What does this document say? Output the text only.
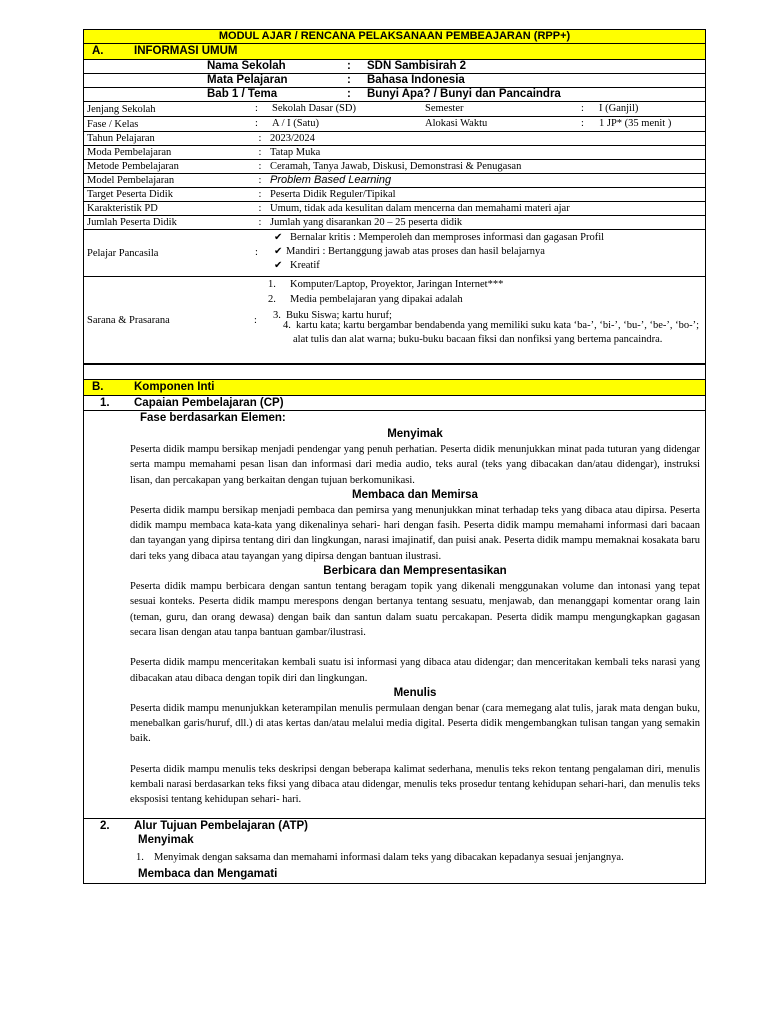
MODUL AJAR / RENCANA PELAKSANAAN PEMBEAJARAN (RPP+)
A.	INFORMASI UMUM
Nama Sekolah	: SDN Sambisirah 2
Mata Pelajaran	: Bahasa Indonesia
Bab 1 / Tema	: Bunyi Apa? / Bunyi dan Pancaindra
Jenjang Sekolah	: Sekolah Dasar (SD) Semester : I (Ganjil)

Fase / Kelas	: A / I (Satu) Alokasi Waktu : 1 JP* (35 menit )

Tahun Pelajaran	: 2023/2024
Moda Pembelajaran	: Tatap Muka
Metode Pembelajaran	: Ceramah, Tanya Jawab, Diskusi, Demonstrasi & Penugasan
Model Pembelajaran	: Problem Based Learning
Target Peserta Didik	: Peserta Didik Reguler/Tipikal
Karakteristik PD	: Umum, tidak ada kesulitan dalam mencerna dan memahami materi ajar
Jumlah Peserta Didik	: Jumlah yang disarankan 20 – 25 peserta didik
Pelajar Pancasila	:
✔ Bernalar kritis : Memperoleh dan memproses informasi dan gagasan Profil
✔ Mandiri : Bertanggung jawab atas proses dan hasil belajarnya
✔ Kreatif

Sarana & Prasarana	:
1. Komputer/Laptop, Proyektor, Jaringan Internet***
2. Media pembelajaran yang dipakai adalah
3. Buku Siswa; kartu huruf;
4. kartu kata; kartu bergambar bendabenda yang memiliki suku kata ‘ba-’, ‘bi-’, ‘bu-’, ‘be-’, ‘bo-’; alat tulis dan alat warna; buku-buku bacaan fiksi dan nonfiksi yang bertema pancaindra.
B.	Komponen Inti
1. Capaian Pembelajaran (CP)
Fase berdasarkan Elemen:
Menyimak

Peserta didik mampu bersikap menjadi pendengar yang penuh perhatian. Peserta didik menunjukkan minat pada tuturan yang didengar serta mampu memahami pesan lisan dan informasi dari media audio, teks aural (teks yang dibacakan dan/atau didengar), instruksi lisan, dan percakapan yang berkaitan dengan tujuan berkomunikasi.

Membaca dan Memirsa

Peserta didik mampu bersikap menjadi pembaca dan pemirsa yang menunjukkan minat terhadap teks yang dibaca atau dipirsa. Peserta didik mampu membaca kata-kata yang dikenalinya sehari- hari dengan fasih. Peserta didik mampu memahami informasi dari bacaan dan tayangan yang dipirsa tentang diri dan lingkungan, narasi imajinatif, dan puisi anak. Peserta didik mampu memaknai kosakata baru dari teks yang dibaca atau tayangan yang dipirsa dengan bantuan ilustrasi.

Berbicara dan Mempresentasikan

Peserta didik mampu berbicara dengan santun tentang beragam topik yang dikenali menggunakan volume dan intonasi yang tepat sesuai konteks. Peserta didik mampu merespons dengan bertanya tentang sesuatu, menjawab, dan menanggapi komentar orang lain (teman, guru, dan orang dewasa) dengan baik dan santun dalam suatu percakapan. Peserta didik mampu mengungkapkan gagasan secara lisan dengan atau tanpa bantuan gambar/ilustrasi.

Peserta didik mampu menceritakan kembali suatu isi informasi yang dibaca atau didengar; dan menceritakan kembali teks narasi yang dibacakan atau dibaca dengan topik diri dan lingkungan.

Menulis

Peserta didik mampu menunjukkan keterampilan menulis permulaan dengan benar (cara memegang alat tulis, jarak mata dengan buku, menebalkan garis/huruf, dll.) di atas kertas dan/atau melalui media digital. Peserta didik mengembangkan tulisan tangan yang semakin baik.

Peserta didik mampu menulis teks deskripsi dengan beberapa kalimat sederhana, menulis teks rekon tentang pengalaman diri, menulis kembali narasi berdasarkan teks fiksi yang dibaca atau didengar, menulis teks prosedur tentang kehidupan sehari-hari, dan menulis teks eksposisi tentang kehidupan sehari- hari.

2. Alur Tujuan Pembelajaran (ATP)
Menyimak
1. Menyimak dengan saksama dan memahami informasi dalam teks yang dibacakan kepadanya sesuai jenjangnya.
Membaca dan Mengamati
